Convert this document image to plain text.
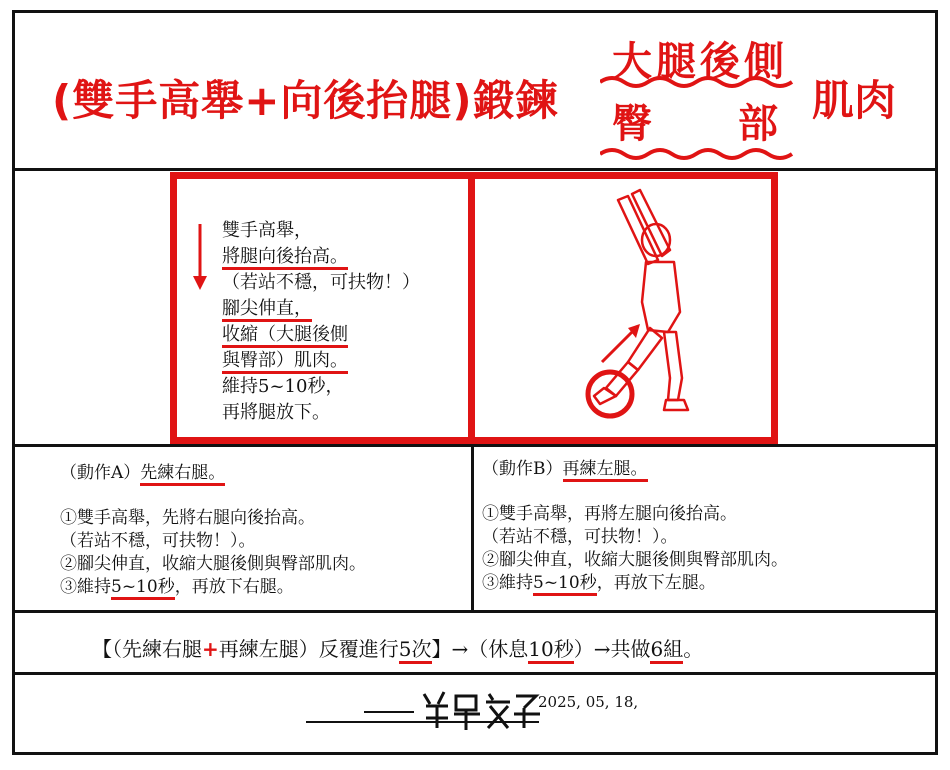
(雙手高舉+向後抬腿)鍛鍊
大腿後側
臀 部 肌肉
雙手高舉，
將腿向後抬高。
（若站不穩，可扶物！）
腳尖伸直，
收縮（大腿後側
與臀部）肌肉。
維持5~10秒，
再將腿放下。
（動作A）先練右腿。
①雙手高舉，先將右腿向後抬高。
（若站不穩，可扶物！）。
②腳尖伸直，收縮大腿後側與臀部肌肉。
③維持5~10秒，再放下右腿。
（動作B）再練左腿。
①雙手高舉，再將左腿向後抬高。
（若站不穩，可扶物！）。
②腳尖伸直，收縮大腿後側與臀部肌肉。
③維持5~10秒，再放下左腿。
【（先練右腿+再練左腿）反覆進行5次】→（休息10秒）→共做6組。
2025, 05, 18,
